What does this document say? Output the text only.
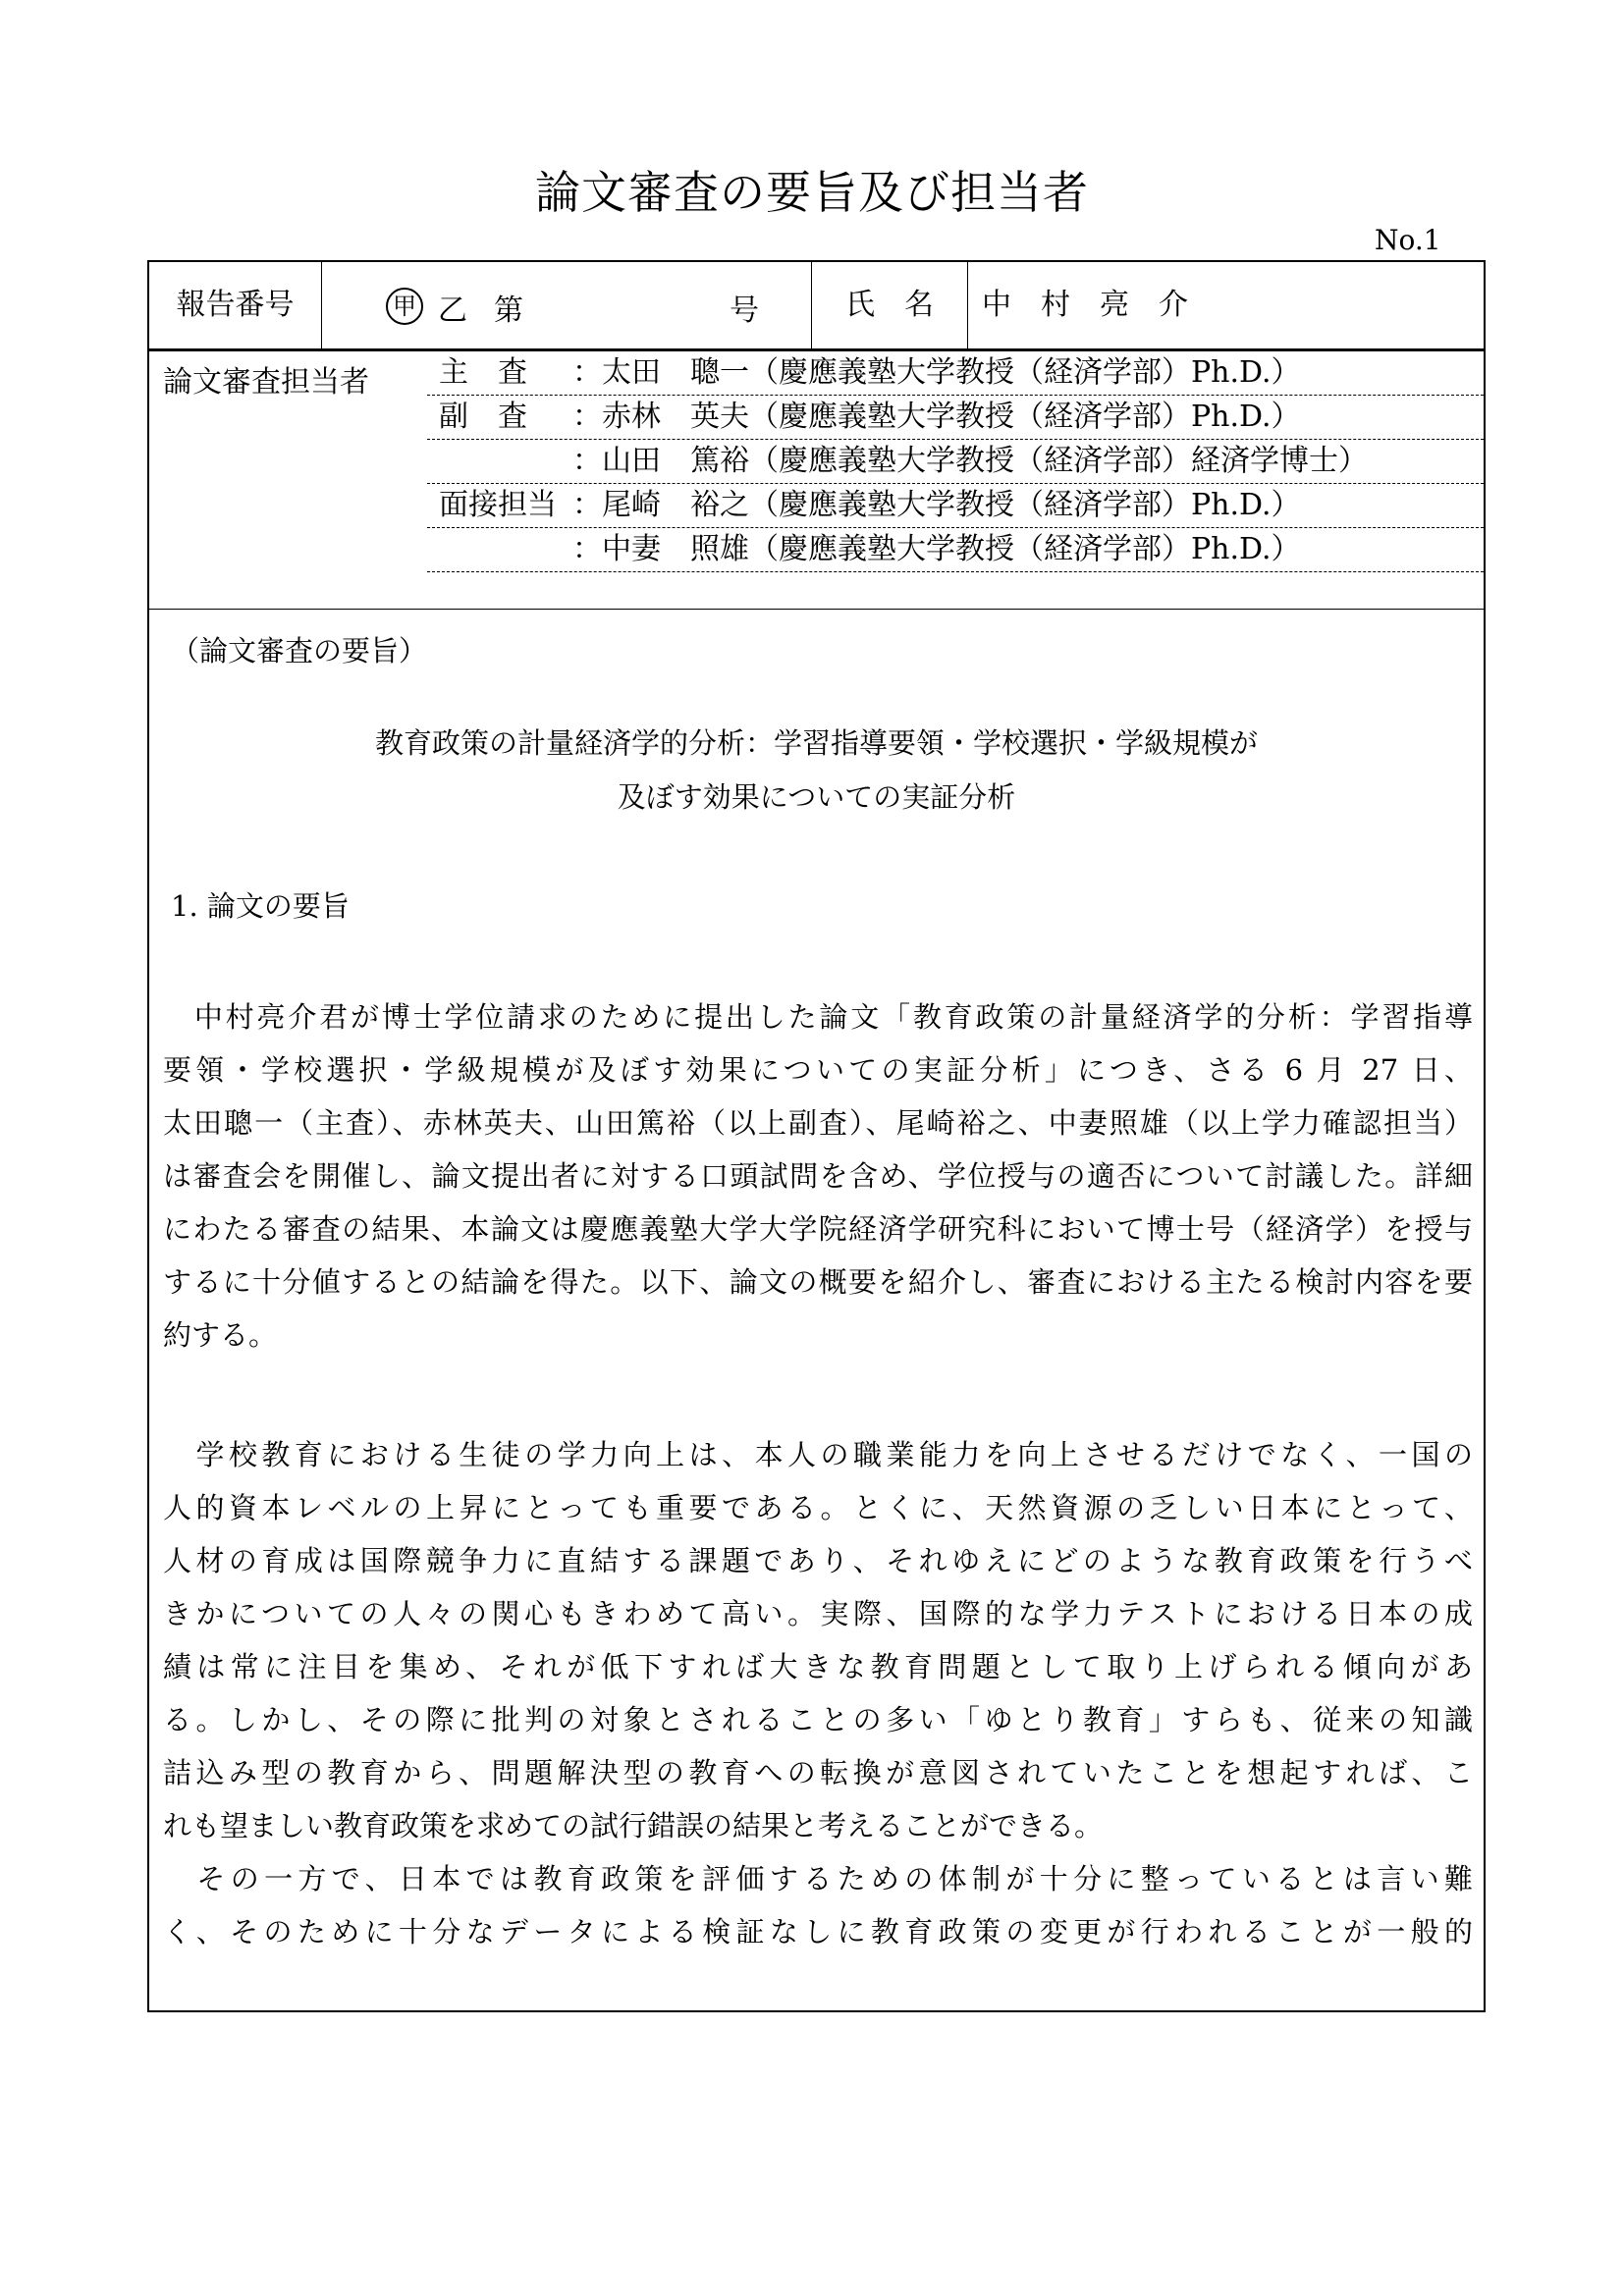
論文審査の要旨及び担当者
No.1
報告番号	甲 乙 第	号	氏　名	中　村　亮　介
論文審査担当者 主　査	：太田　聰一（慶應義塾大学教授（経済学部）Ph.D.）
副　査	：赤林　英夫（慶應義塾大学教授（経済学部）Ph.D.）
：山田　篤裕（慶應義塾大学教授（経済学部）経済学博士）
面接担当 ：尾崎　裕之（慶應義塾大学教授（経済学部）Ph.D.）
：中妻　照雄（慶應義塾大学教授（経済学部）Ph.D.）
（論文審査の要旨）
教育政策の計量経済学的分析：学習指導要領・学校選択・学級規模が
及ぼす効果についての実証分析
1. 論文の要旨
　中村亮介君が博士学位請求のために提出した論文「教育政策の計量経済学的分析：学習指導
要領・学校選択・学級規模が及ぼす効果についての実証分析」につき、さる 6 月 27 日、
太田聰一（主査）、赤林英夫、山田篤裕（以上副査）、尾崎裕之、中妻照雄（以上学力確認担当）
は審査会を開催し、論文提出者に対する口頭試問を含め、学位授与の適否について討議した。詳細
にわたる審査の結果、本論文は慶應義塾大学大学院経済学研究科において博士号（経済学）を授与
するに十分値するとの結論を得た。以下、論文の概要を紹介し、審査における主たる検討内容を要
約する。
　学校教育における生徒の学力向上は、本人の職業能力を向上させるだけでなく、一国の
人的資本レベルの上昇にとっても重要である。とくに、天然資源の乏しい日本にとって、
人材の育成は国際競争力に直結する課題であり、それゆえにどのような教育政策を行うべ
きかについての人々の関心もきわめて高い。実際、国際的な学力テストにおける日本の成
績は常に注目を集め、それが低下すれば大きな教育問題として取り上げられる傾向があ
る。しかし、その際に批判の対象とされることの多い「ゆとり教育」すらも、従来の知識
詰込み型の教育から、問題解決型の教育への転換が意図されていたことを想起すれば、こ
れも望ましい教育政策を求めての試行錯誤の結果と考えることができる。
　その一方で、日本では教育政策を評価するための体制が十分に整っているとは言い難
く、そのために十分なデータによる検証なしに教育政策の変更が行われることが一般的
